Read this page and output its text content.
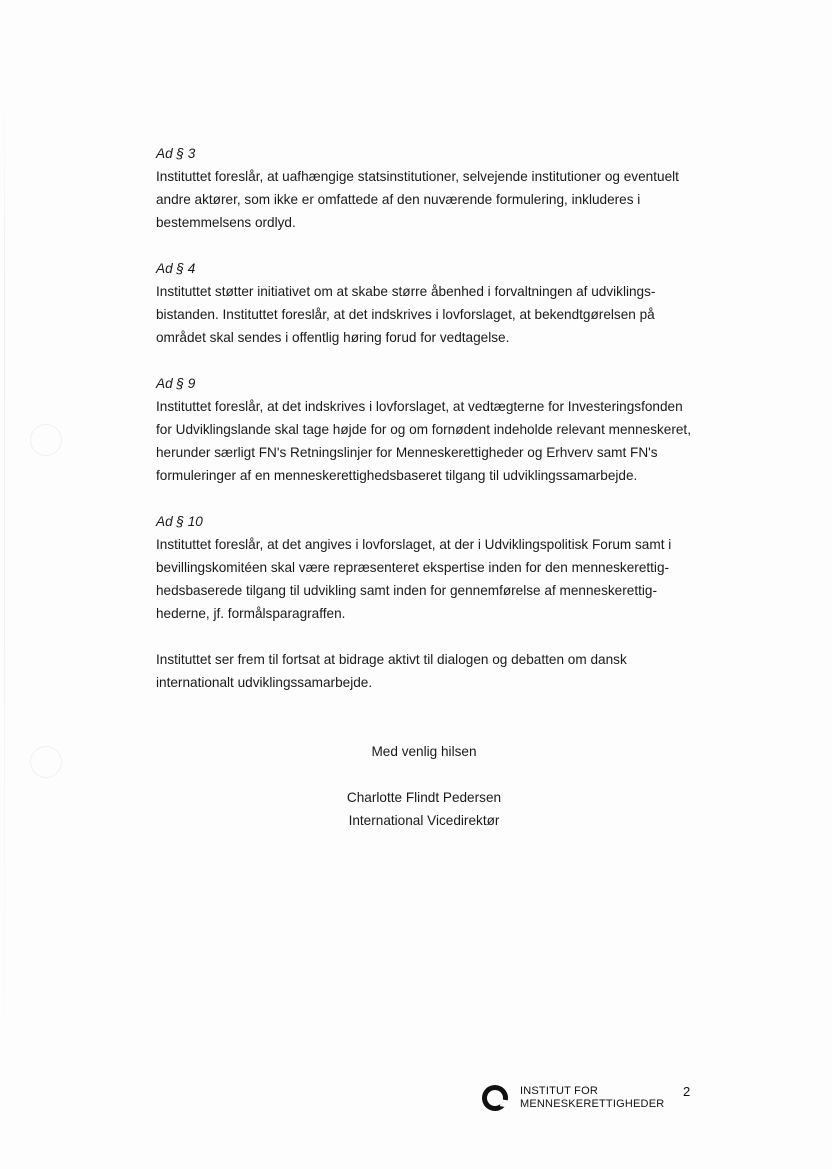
Ad § 3
Instituttet foreslår, at uafhængige statsinstitutioner, selvejende institutioner og eventuelt
andre aktører, som ikke er omfattede af den nuværende formulering, inkluderes i
bestemmelsens ordlyd.
Ad § 4
Instituttet støtter initiativet om at skabe større åbenhed i forvaltningen af udviklings-
bistanden. Instituttet foreslår, at det indskrives i lovforslaget, at bekendtgørelsen på
området skal sendes i offentlig høring forud for vedtagelse.
Ad § 9
Instituttet foreslår, at det indskrives i lovforslaget, at vedtægterne for Investeringsfonden
for Udviklingslande skal tage højde for og om fornødent indeholde relevant menneskeret,
herunder særligt FN's Retningslinjer for Menneskerettigheder og Erhverv samt FN's
formuleringer af en menneskerettighedsbaseret tilgang til udviklingssamarbejde.
Ad § 10
Instituttet foreslår, at det angives i lovforslaget, at der i Udviklingspolitisk Forum samt i
bevillingskomitéen skal være repræsenteret ekspertise inden for den menneskerettig-
hedsbaserede tilgang til udvikling samt inden for gennemførelse af menneskerettig-
hederne, jf. formålsparagraffen.
Instituttet ser frem til fortsat at bidrage aktivt til dialogen og debatten om dansk
internationalt udviklingssamarbejde.
Med venlig hilsen
Charlotte Flindt Pedersen
International Vicedirektør
INSTITUT FOR
MENNESKERETTIGHEDER
2
